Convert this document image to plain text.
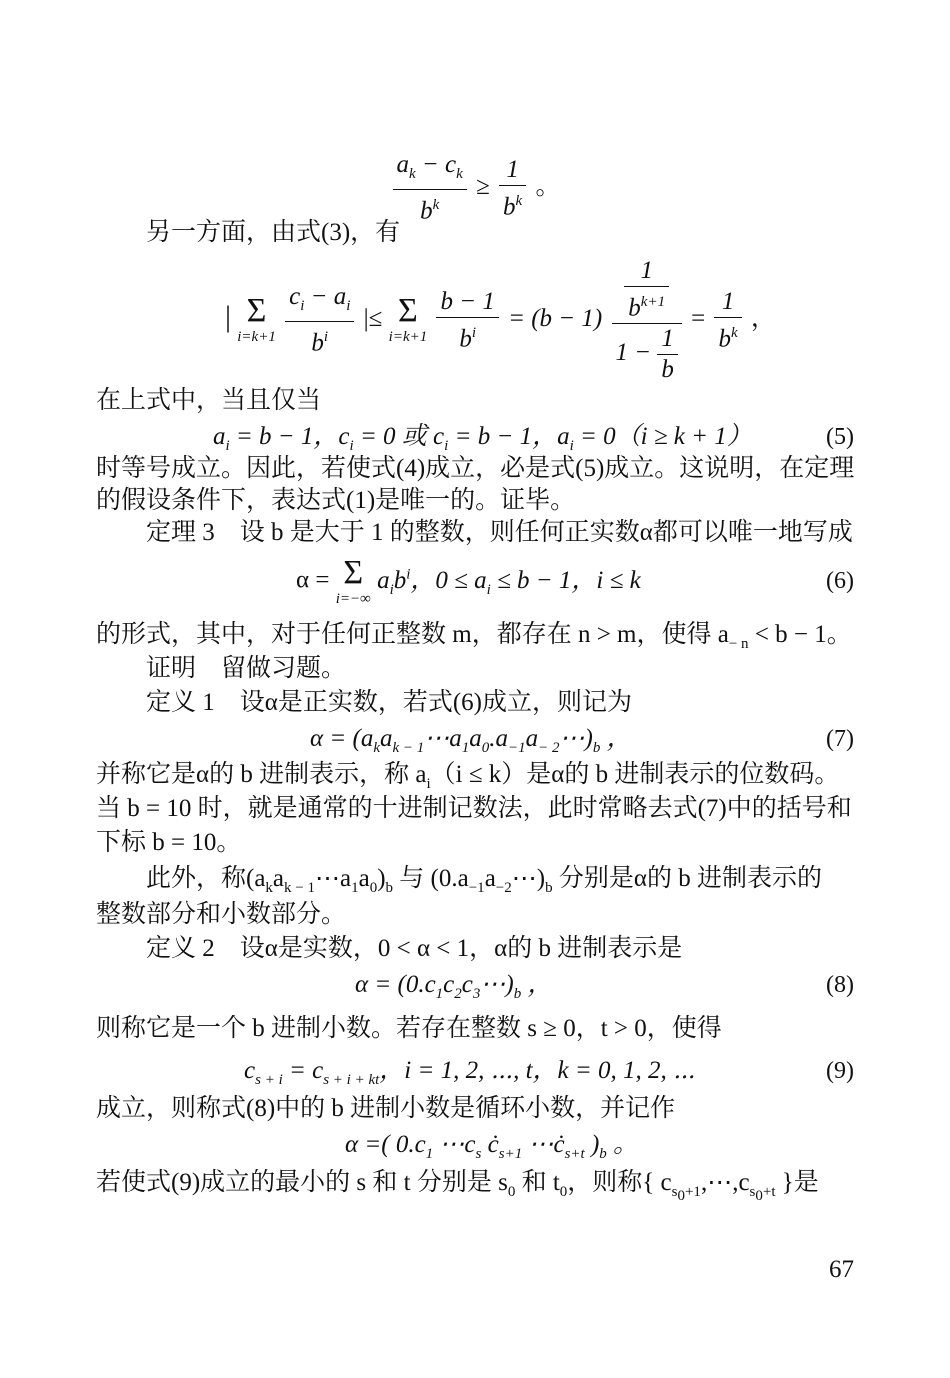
$\frac{a_k - c_k}{b^k} \ge \frac{1}{b^k}$ 。
另一方面，由式(3)，有
| Σ
i=k+1
$\frac{c_i - a_i}{b^i}$ |≤ Σ
i=k+1
$\frac{b - 1}{b^i} = (b - 1) \frac{\frac{1}{b^{k+1}}}{1 - \frac{1}{b}} = \frac{1}{b^k}$ ，
在上式中，当且仅当
$a_i = b - 1$，$c_i = 0$ 或 $c_i = b - 1$，$a_i = 0(i \ge k + 1)$	(5)
时等号成立。因此，若使式(4)成立，必是式(5)成立。这说明，在定理
的假设条件下，表达式(1)是唯一的。证毕。
定理 3　设 b 是大于 1 的整数，则任何正实数α都可以唯一地写成
α = Σ
i=−∞
$a_ib^i$，$0 \le a_i \le b - 1$，i ≤ k	(6)
的形式，其中，对于任何正整数 m，都存在 n > m，使得 $a_{- n} < b - 1$。
证明　留做习题。
定义 1　设α是正实数，若式(6)成立，则记为
$\alpha = (a_ka_{k - 1}\cdots a_1a_0.a_{-1}a_{- 2}\cdots)_b$ ，	(7)
并称它是α的 b 进制表示，称 $a_i(i \le k)$是α的 b 进制表示的位数码。
当 b = 10 时，就是通常的十进制记数法，此时常略去式(7)中的括号和
下标 b = 10。
此外，称$(a_ka_{k - 1}\cdots a_1a_0)_b$ 与 $(0.a_{-1}a_{-2}\cdots)_b$ 分别是α的 b 进制表示的
整数部分和小数部分。
定义 2　设α是实数，0 < α < 1，α的 b 进制表示是
$\alpha = (0.c_1c_2c_3\cdots)_b$ ，	(8)
则称它是一个 b 进制小数。若存在整数 s ≥ 0，t > 0，使得
$c_{s + i} = c_{s + i + kt}$，i = 1, 2, ⋯, t，k = 0, 1, 2, ⋯	(9)
成立，则称式(8)中的 b 进制小数是循环小数，并记作
α =( $0.c_1$ $\cdots c_s$ $ċ_{s+1}$ $\cdots ċ_{s+t}$ )$_b$ 。
若使式(9)成立的最小的 s 和 t 分别是 $s_0$ 和 $t_0$，则称{ $c_{s_0+1},\cdots,c_{s_0+t}$ }是
67
